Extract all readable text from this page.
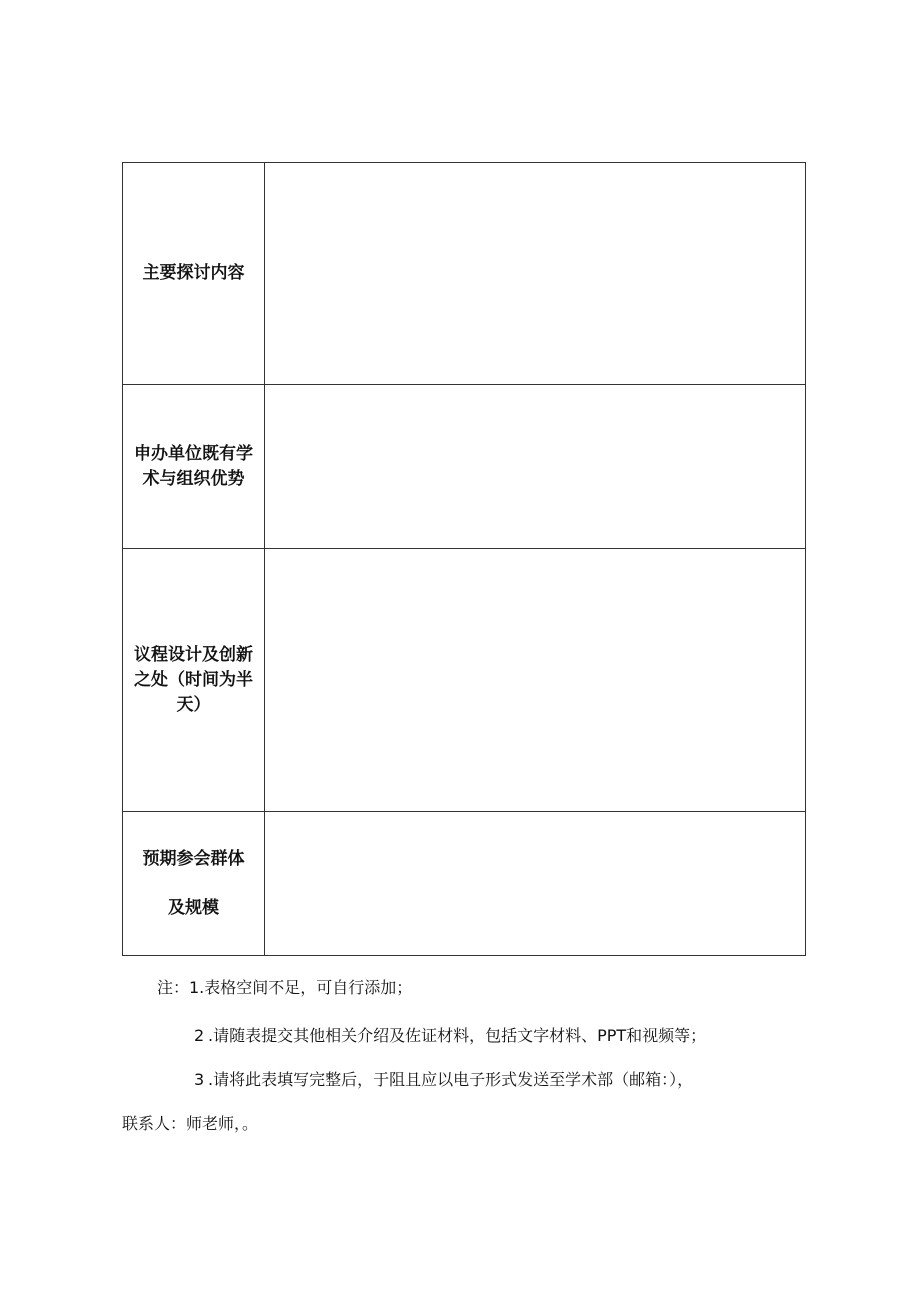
主要探讨内容
申办单位既有学
术与组织优势
议程设计及创新
之处（时间为半
天）
预期参会群体
及规模
注：1.表格空间不足，可自行添加；
2 .请随表提交其他相关介绍及佐证材料，包括文字材料、PPT和视频等；
3 .请将此表填写完整后，于阻且应以电子形式发送至学术部（邮箱：），
联系人：师老师，。
